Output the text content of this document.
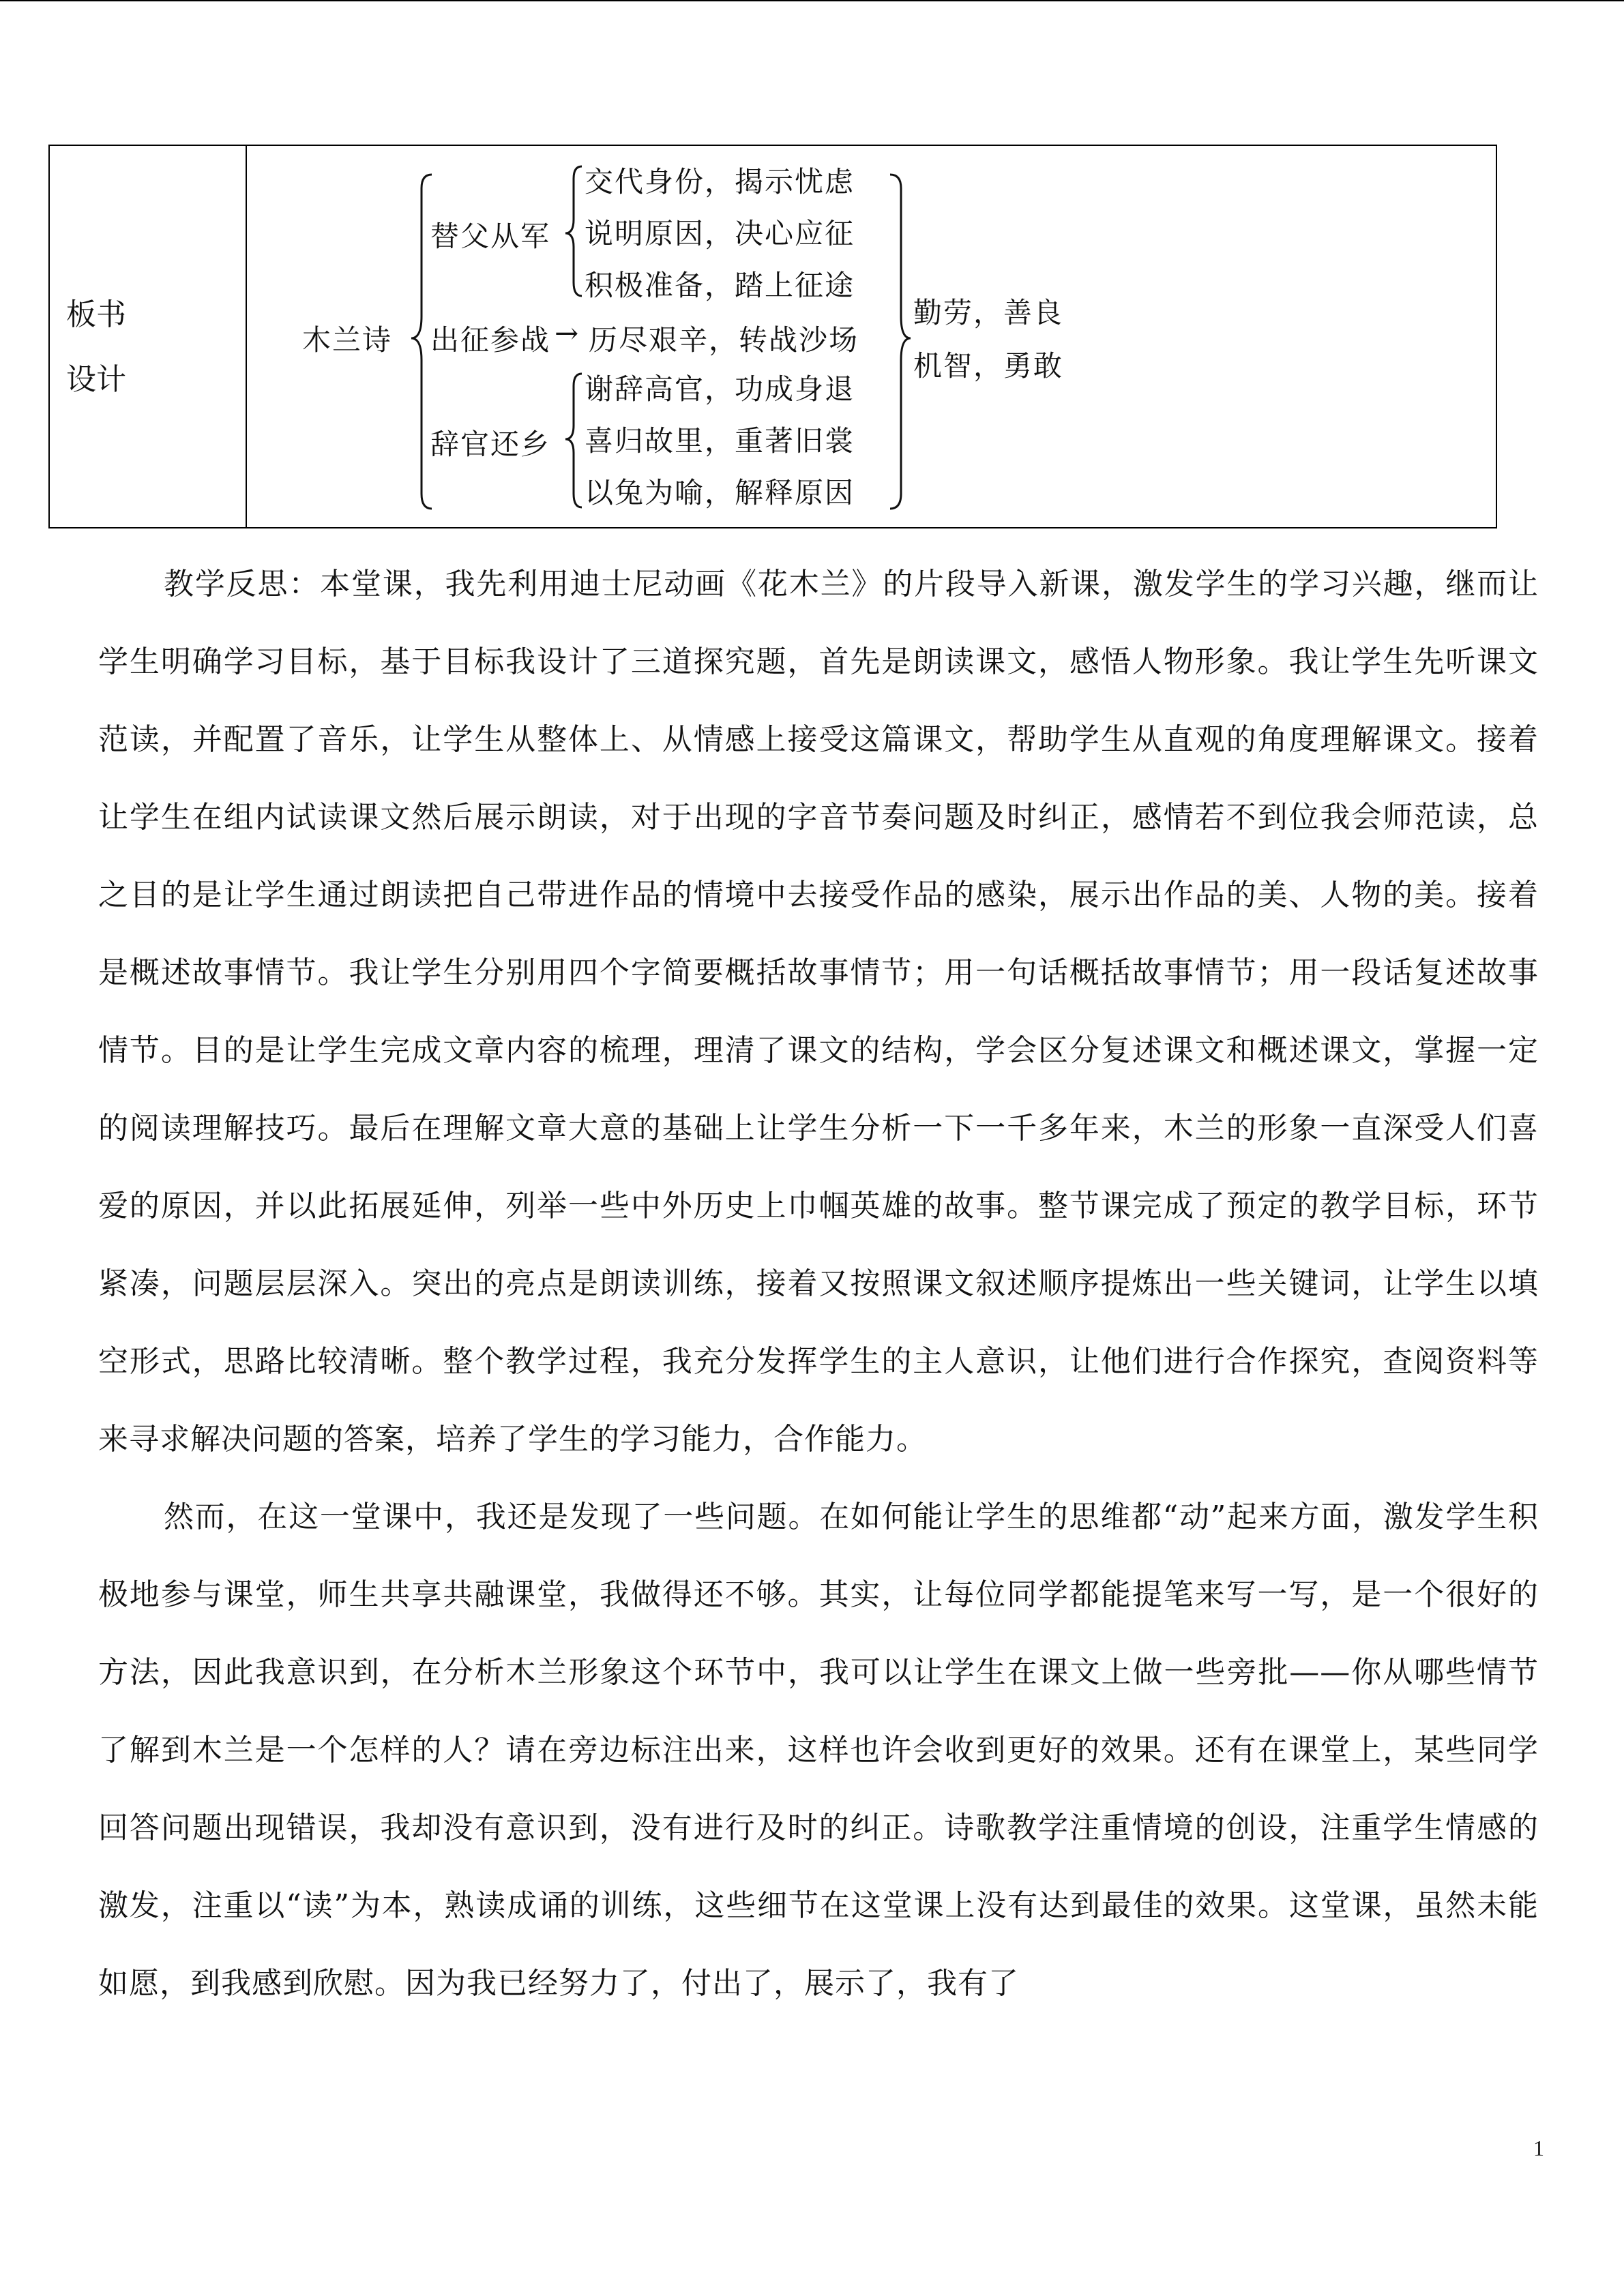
板书
设计
木兰诗
替父从军
交代身份，揭示忧虑
说明原因，决心应征
积极准备，踏上征途
出征参战 → 历尽艰辛，转战沙场
辞官还乡
谢辞高官，功成身退
喜归故里，重著旧裳
以兔为喻，解释原因
勤劳，善良
机智，勇敢

教学反思：本堂课，我先利用迪士尼动画《花木兰》的片段导入新课，激发学生的学习兴趣，继而让学生明确学习目标，基于目标我设计了三道探究题，首先是朗读课文，感悟人物形象。我让学生先听课文范读，并配置了音乐，让学生从整体上、从情感上接受这篇课文，帮助学生从直观的角度理解课文。接着让学生在组内试读课文然后展示朗读，对于出现的字音节奏问题及时纠正，感情若不到位我会师范读，总之目的是让学生通过朗读把自己带进作品的情境中去接受作品的感染，展示出作品的美、人物的美。接着是概述故事情节。我让学生分别用四个字简要概括故事情节；用一句话概括故事情节；用一段话复述故事情节。目的是让学生完成文章内容的梳理，理清了课文的结构，学会区分复述课文和概述课文，掌握一定的阅读理解技巧。最后在理解文章大意的基础上让学生分析一下一千多年来，木兰的形象一直深受人们喜爱的原因，并以此拓展延伸，列举一些中外历史上巾帼英雄的故事。整节课完成了预定的教学目标，环节紧凑，问题层层深入。突出的亮点是朗读训练，接着又按照课文叙述顺序提炼出一些关键词，让学生以填空形式，思路比较清晰。整个教学过程，我充分发挥学生的主人意识，让他们进行合作探究，查阅资料等来寻求解决问题的答案，培养了学生的学习能力，合作能力。

然而，在这一堂课中，我还是发现了一些问题。在如何能让学生的思维都“动”起来方面，激发学生积极地参与课堂，师生共享共融课堂，我做得还不够。其实，让每位同学都能提笔来写一写，是一个很好的方法，因此我意识到，在分析木兰形象这个环节中，我可以让学生在课文上做一些旁批——你从哪些情节了解到木兰是一个怎样的人？请在旁边标注出来，这样也许会收到更好的效果。还有在课堂上，某些同学回答问题出现错误，我却没有意识到，没有进行及时的纠正。诗歌教学注重情境的创设，注重学生情感的激发，注重以“读”为本，熟读成诵的训练，这些细节在这堂课上没有达到最佳的效果。这堂课，虽然未能如愿，到我感到欣慰。因为我已经努力了，付出了，展示了，我有了

1
